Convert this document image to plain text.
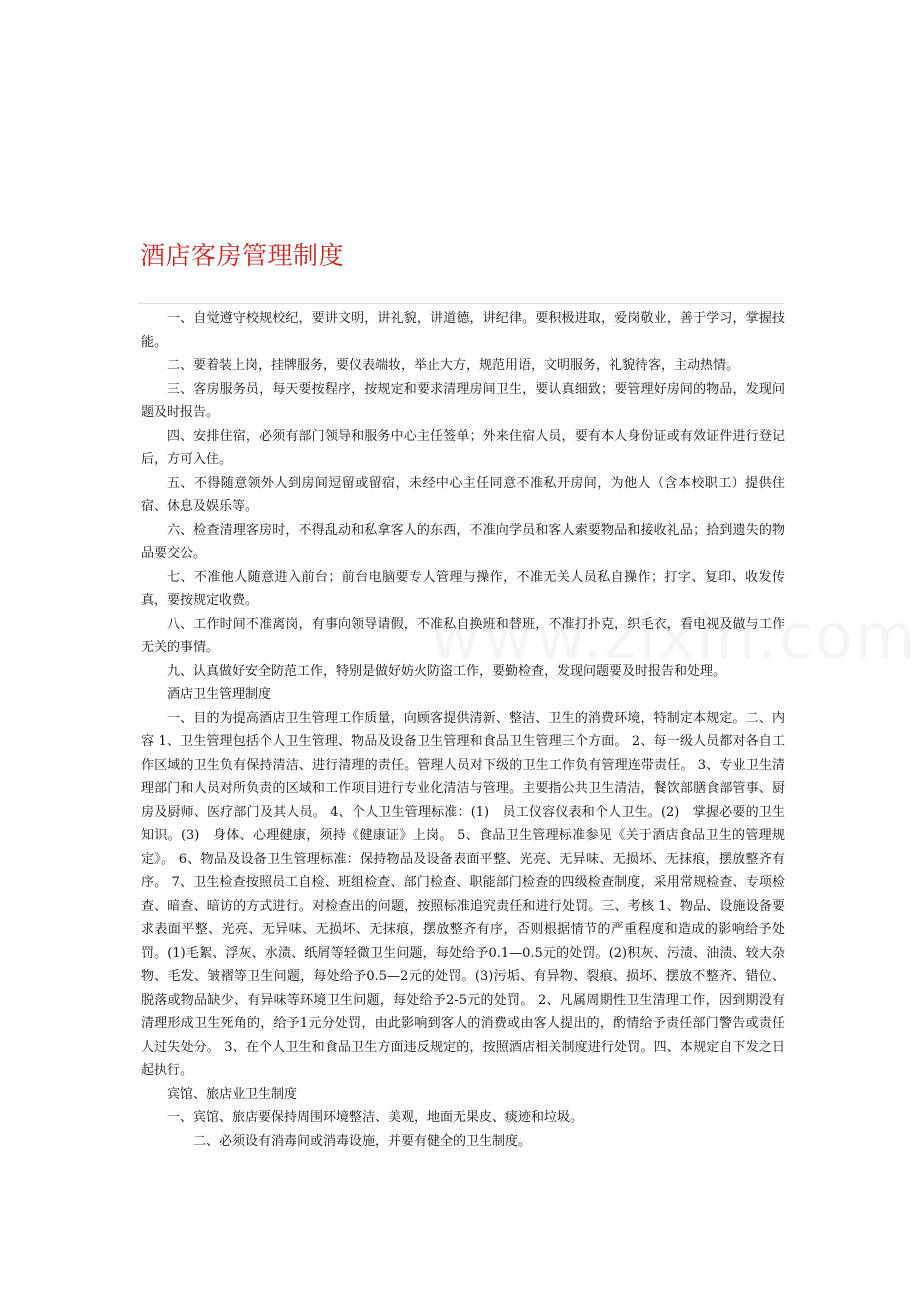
酒店客房管理制度

一、自觉遵守校规校纪，要讲文明，讲礼貌，讲道德，讲纪律。要积极进取，爱岗敬业，善于学习，掌握技能。

二、要着装上岗，挂牌服务，要仪表端妆，举止大方，规范用语，文明服务，礼貌待客，主动热情。

三、客房服务员，每天要按程序，按规定和要求清理房间卫生，要认真细致；要管理好房间的物品，发现问题及时报告。

四、安排住宿，必须有部门领导和服务中心主任签单；外来住宿人员，要有本人身份证或有效证件进行登记后，方可入住。

五、不得随意领外人到房间逗留或留宿，未经中心主任同意不准私开房间，为他人（含本校职工）提供住宿、休息及娱乐等。

六、检查清理客房时，不得乱动和私拿客人的东西，不准向学员和客人索要物品和接收礼品；拾到遗失的物品要交公。

七、不准他人随意进入前台；前台电脑要专人管理与操作，不准无关人员私自操作；打字、复印、收发传真，要按规定收费。

八、工作时间不准离岗，有事向领导请假，不准私自换班和替班，不准打扑克，织毛衣，看电视及做与工作无关的事情。

九、认真做好安全防范工作，特别是做好妨火防盗工作，要勤检查，发现问题要及时报告和处理。

酒店卫生管理制度

一、目的为提高酒店卫生管理工作质量，向顾客提供清新、整洁、卫生的消费环境，特制定本规定。二、内容 1、卫生管理包括个人卫生管理、物品及设备卫生管理和食品卫生管理三个方面。 2、每一级人员都对各自工作区域的卫生负有保持清洁、进行清理的责任。管理人员对下级的卫生工作负有管理连带责任。 3、专业卫生清理部门和人员对所负责的区域和工作项目进行专业化清洁与管理。主要指公共卫生清洁，餐饮部膳食部管事、厨房及厨师、医疗部门及其人员。 4、个人卫生管理标准：(1)　员工仪容仪表和个人卫生。(2)　掌握必要的卫生知识。(3)　身体、心理健康，须持《健康证》上岗。 5、食品卫生管理标准参见《关于酒店食品卫生的管理规定》。 6、物品及设备卫生管理标准：保持物品及设备表面平整、光亮、无异味、无损坏、无抹痕，摆放整齐有序。 7、卫生检查按照员工自检、班组检查、部门检查、职能部门检查的四级检查制度，采用常规检查、专项检查、暗查、暗访的方式进行。对检查出的问题，按照标准追究责任和进行处罚。三、考核 1、物品、设施设备要求表面平整、光亮、无异味、无损坏、无抹痕，摆放整齐有序，否则根据情节的严重程度和造成的影响给予处罚。(1)毛絮、浮灰、水渍、纸屑等轻微卫生问题，每处给予0.1—0.5元的处罚。(2)积灰、污渍、油渍、较大杂物、毛发、皱褶等卫生问题，每处给予0.5—2元的处罚。(3)污垢、有异物、裂痕、损坏、摆放不整齐、错位、脱落或物品缺少、有异味等环境卫生问题，每处给予2-5元的处罚。 2、凡属周期性卫生清理工作，因到期没有清理形成卫生死角的，给予1元分处罚，由此影响到客人的消费或由客人提出的，酌情给予责任部门警告或责任人过失处分。 3、在个人卫生和食品卫生方面违反规定的，按照酒店相关制度进行处罚。四、本规定自下发之日起执行。

宾馆、旅店业卫生制度

一、宾馆、旅店要保持周围环境整洁、美观，地面无果皮、痰迹和垃圾。

二、必须设有消毒间或消毒设施，并要有健全的卫生制度。
